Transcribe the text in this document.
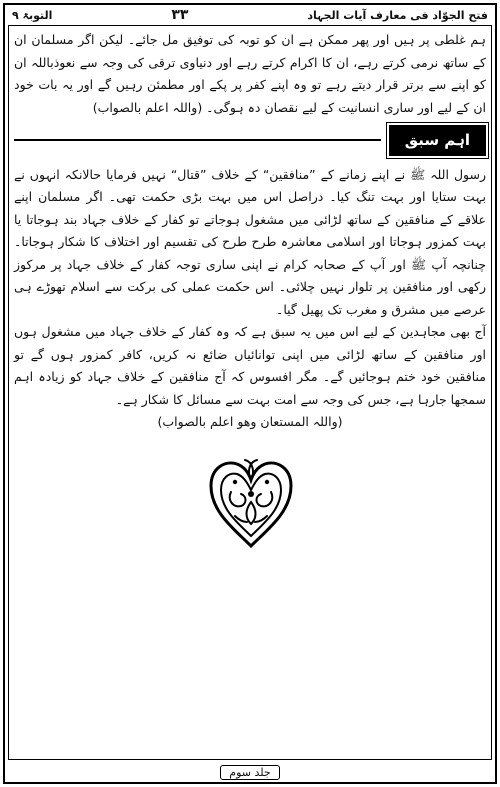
فتح الجوّاد فی معارف آیات الجہاد
۳۳
التوبۃ ۹

ہم غلطی پر ہیں اور پھر ممکن ہے ان کو توبہ کی توفیق مل جائے۔ لیکن اگر مسلمان ان کے ساتھ نرمی کرتے رہے، ان کا اکرام کرتے رہے اور دنیاوی ترقی کی وجہ سے نعوذباللہ ان کو اپنے سے برتر قرار دیتے رہے تو وہ اپنے کفر پر پکے اور مطمئن رہیں گے اور یہ بات خود ان کے لیے اور ساری انسانیت کے لیے نقصان دہ ہوگی۔ (واللہ اعلم بالصواب)

اہم سبق

رسول اللہ ﷺ نے اپنے زمانے کے ”منافقین“ کے خلاف ”قتال“ نہیں فرمایا حالانکہ انہوں نے بہت ستایا اور بہت تنگ کیا۔ دراصل اس میں بہت بڑی حکمت تھی۔ اگر مسلمان اپنے علاقے کے منافقین کے ساتھ لڑائی میں مشغول ہوجاتے تو کفار کے خلاف جہاد بند ہوجاتا یا بہت کمزور ہوجاتا اور اسلامی معاشرہ طرح طرح کی تقسیم اور اختلاف کا شکار ہوجاتا۔ چنانچہ آپ ﷺ اور آپ کے صحابہ کرام نے اپنی ساری توجہ کفار کے خلاف جہاد پر مرکوز رکھی اور منافقین پر تلوار نہیں چلائی۔ اس حکمت عملی کی برکت سے اسلام تھوڑے ہی عرصے میں مشرق و مغرب تک پھیل گیا۔

آج بھی مجاہدین کے لیے اس میں یہ سبق ہے کہ وہ کفار کے خلاف جہاد میں مشغول ہوں اور منافقین کے ساتھ لڑائی میں اپنی توانائیاں ضائع نہ کریں، کافر کمزور ہوں گے تو منافقین خود ختم ہوجائیں گے۔ مگر افسوس کہ آج منافقین کے خلاف جہاد کو زیادہ اہم سمجھا جارہا ہے، جس کی وجہ سے امت بہت سے مسائل کا شکار ہے۔

(واللہ المستعان وھو اعلم بالصواب)

جلد سوم
